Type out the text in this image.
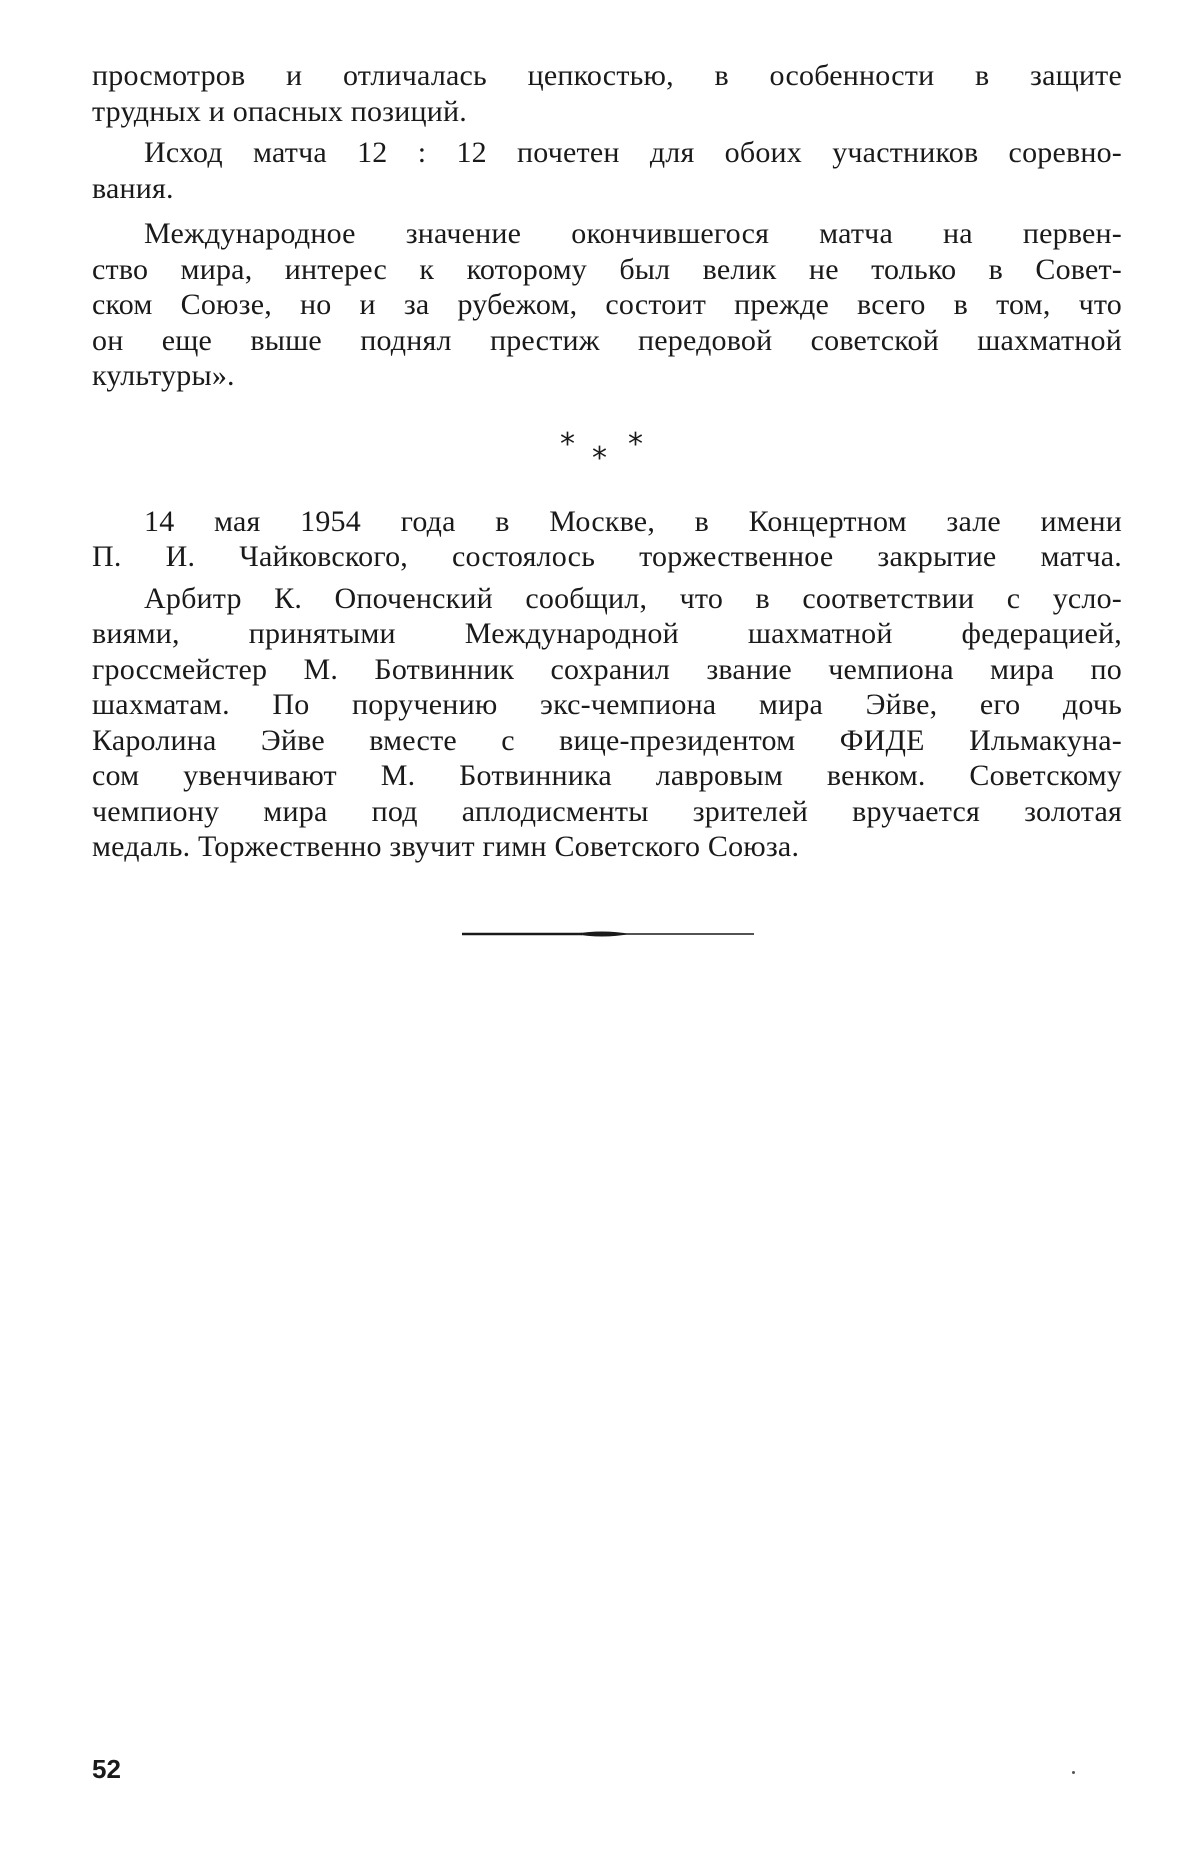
просмотров и отличалась цепкостью, в особенности в защите
трудных и опасных позиций.
Исход матча 12 : 12 почетен для обоих участников соревно-
вания.
Международное значение окончившегося матча на первен-
ство мира, интерес к которому был велик не только в Совет-
ском Союзе, но и за рубежом, состоит прежде всего в том, что
он еще выше поднял престиж передовой советской шахматной
культуры».
* * *
14 мая 1954 года в Москве, в Концертном зале имени
П. И. Чайковского, состоялось торжественное закрытие матча.
Арбитр К. Опоченский сообщил, что в соответствии с усло-
виями, принятыми Международной шахматной федерацией,
гроссмейстер М. Ботвинник сохранил звание чемпиона мира по
шахматам. По поручению экс-чемпиона мира Эйве, его дочь
Каролина Эйве вместе с вице-президентом ФИДЕ Ильмакуна-
сом увенчивают М. Ботвинника лавровым венком. Советскому
чемпиону мира под аплодисменты зрителей вручается золотая
медаль. Торжественно звучит гимн Советского Союза.
52
